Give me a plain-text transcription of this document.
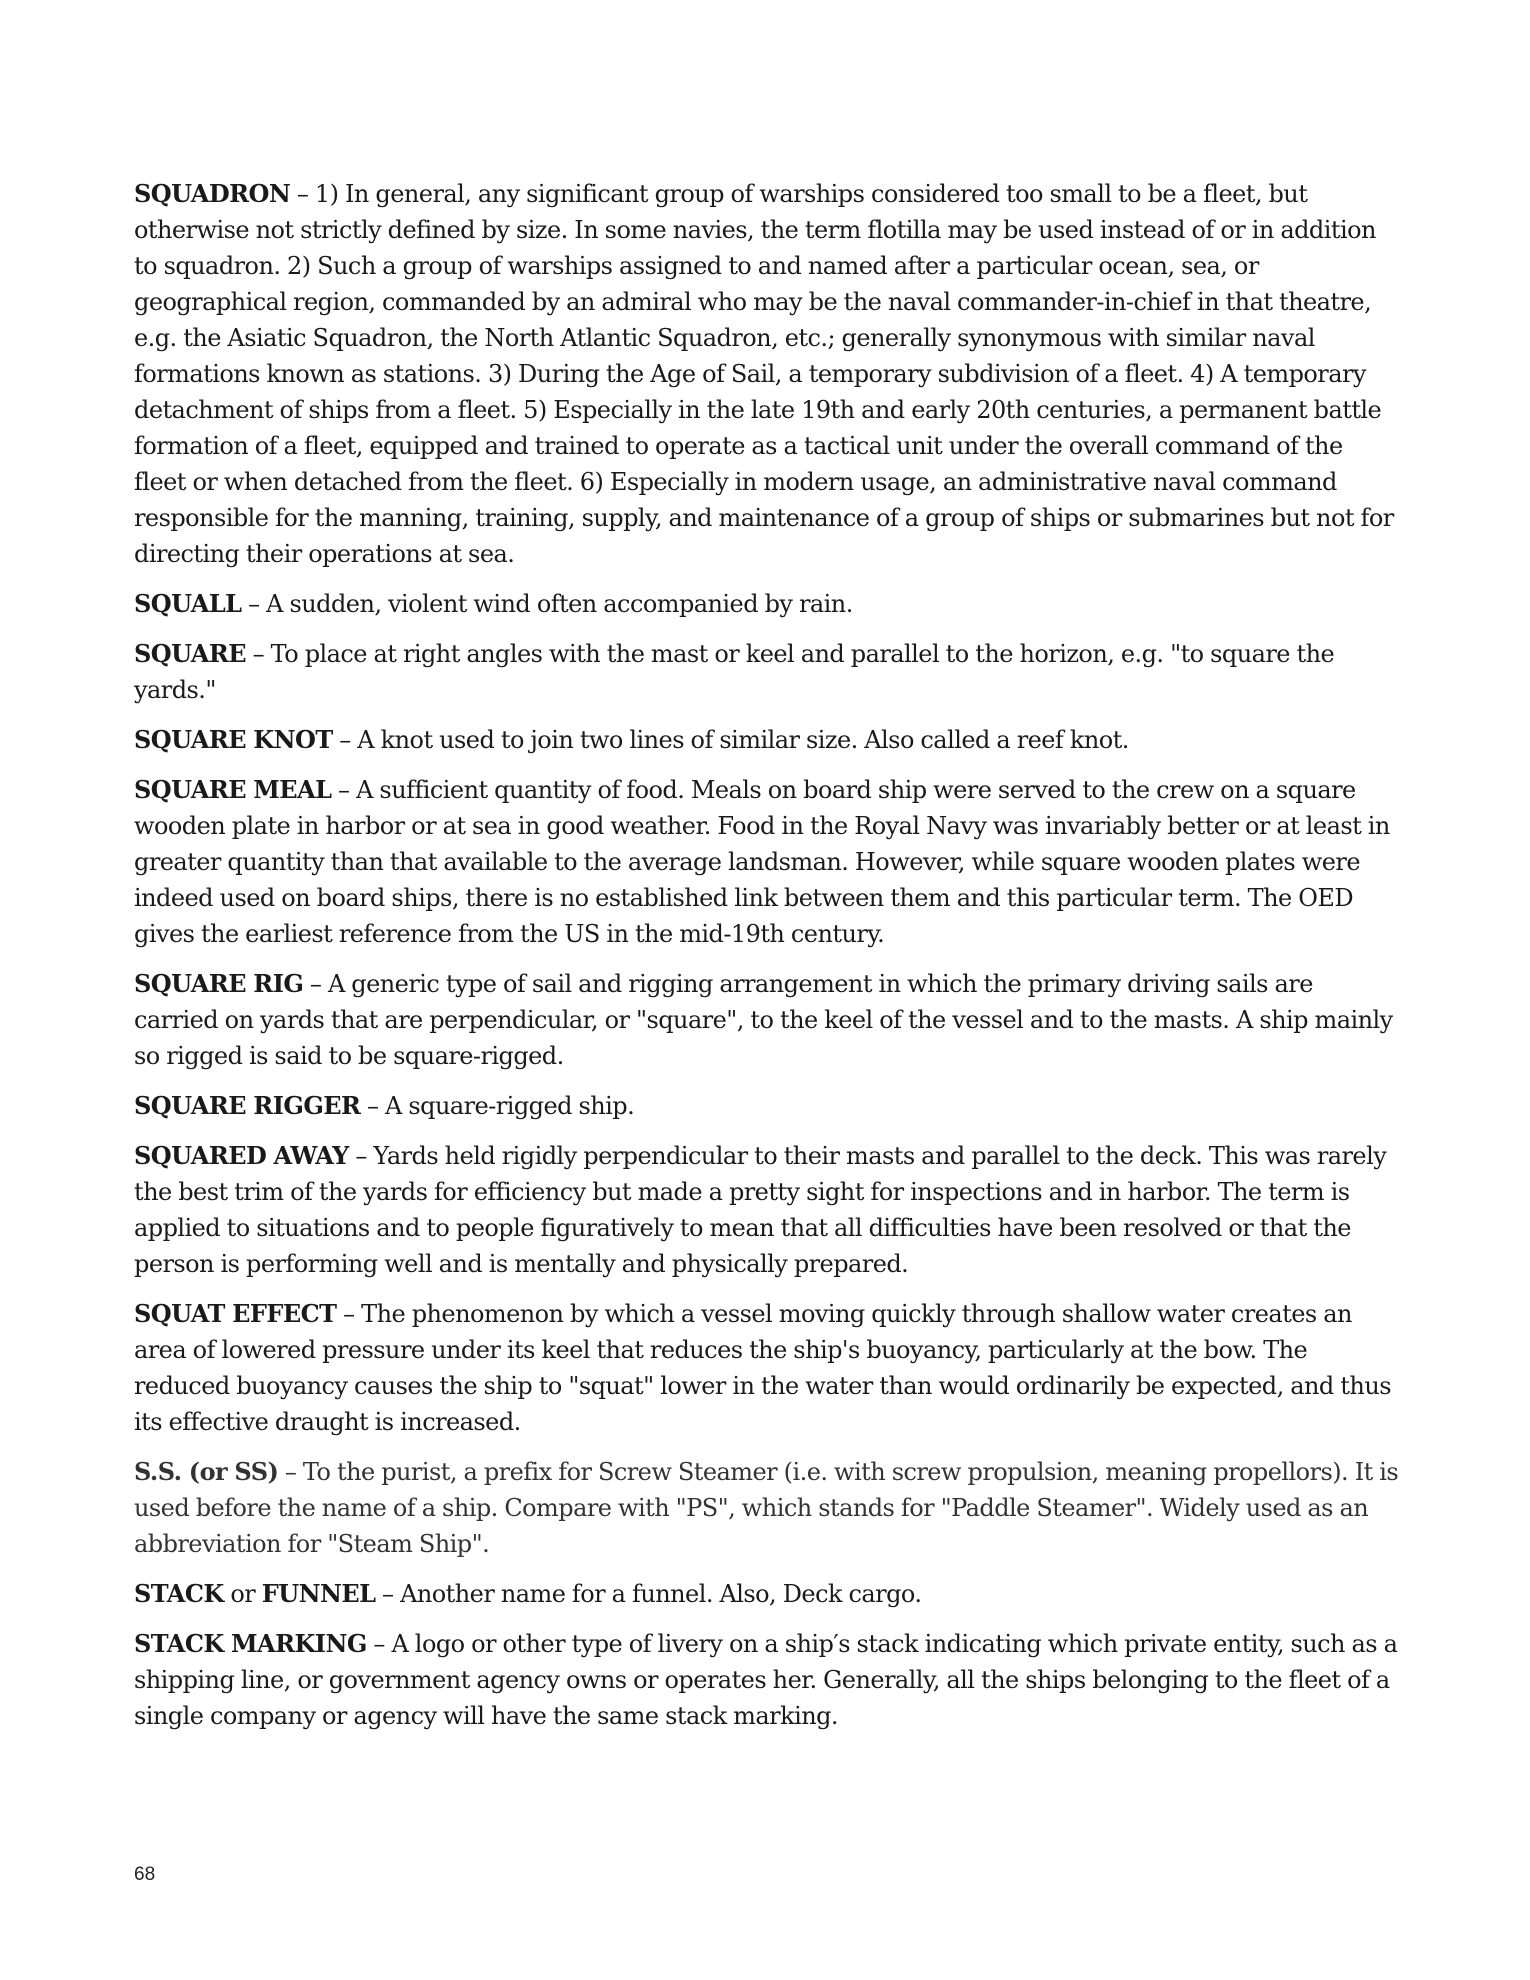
SQUADRON – 1) In general, any significant group of warships considered too small to be a fleet, but otherwise not strictly defined by size. In some navies, the term flotilla may be used instead of or in addition to squadron. 2) Such a group of warships assigned to and named after a particular ocean, sea, or geographical region, commanded by an admiral who may be the naval commander-in-chief in that theatre, e.g. the Asiatic Squadron, the North Atlantic Squadron, etc.; generally synonymous with similar naval formations known as stations. 3) During the Age of Sail, a temporary subdivision of a fleet. 4) A temporary detachment of ships from a fleet. 5) Especially in the late 19th and early 20th centuries, a permanent battle formation of a fleet, equipped and trained to operate as a tactical unit under the overall command of the fleet or when detached from the fleet. 6) Especially in modern usage, an administrative naval command responsible for the manning, training, supply, and maintenance of a group of ships or submarines but not for directing their operations at sea.

SQUALL – A sudden, violent wind often accompanied by rain.

SQUARE – To place at right angles with the mast or keel and parallel to the horizon, e.g. "to square the yards."

SQUARE KNOT – A knot used to join two lines of similar size. Also called a reef knot.

SQUARE MEAL – A sufficient quantity of food. Meals on board ship were served to the crew on a square wooden plate in harbor or at sea in good weather. Food in the Royal Navy was invariably better or at least in greater quantity than that available to the average landsman. However, while square wooden plates were indeed used on board ships, there is no established link between them and this particular term. The OED gives the earliest reference from the US in the mid-19th century.

SQUARE RIG – A generic type of sail and rigging arrangement in which the primary driving sails are carried on yards that are perpendicular, or "square", to the keel of the vessel and to the masts. A ship mainly so rigged is said to be square-rigged.

SQUARE RIGGER – A square-rigged ship.

SQUARED AWAY – Yards held rigidly perpendicular to their masts and parallel to the deck. This was rarely the best trim of the yards for efficiency but made a pretty sight for inspections and in harbor. The term is applied to situations and to people figuratively to mean that all difficulties have been resolved or that the person is performing well and is mentally and physically prepared.

SQUAT EFFECT – The phenomenon by which a vessel moving quickly through shallow water creates an area of lowered pressure under its keel that reduces the ship's buoyancy, particularly at the bow. The reduced buoyancy causes the ship to "squat" lower in the water than would ordinarily be expected, and thus its effective draught is increased.

S.S. (or SS) – To the purist, a prefix for Screw Steamer (i.e. with screw propulsion, meaning propellors). It is used before the name of a ship. Compare with "PS", which stands for "Paddle Steamer". Widely used as an abbreviation for "Steam Ship".

STACK or FUNNEL – Another name for a funnel. Also, Deck cargo.

STACK MARKING – A logo or other type of livery on a ship′s stack indicating which private entity, such as a shipping line, or government agency owns or operates her. Generally, all the ships belonging to the fleet of a single company or agency will have the same stack marking.

68
